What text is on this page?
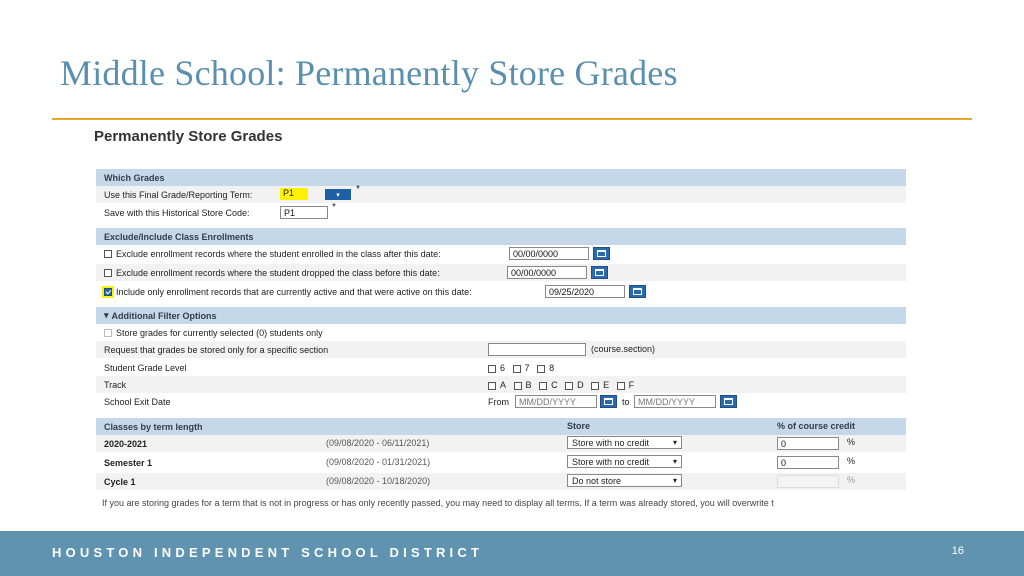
Middle School: Permanently Store Grades
Permanently Store Grades
Which Grades
Use this Final Grade/Reporting Term:	P1	▾ *
Save with this Historical Store Code:	P1	*
Exclude/Include Class Enrollments
Exclude enrollment records where the student enrolled in the class after this date:	00/00/0000
Exclude enrollment records where the student dropped the class before this date:	00/00/0000
Include only enrollment records that are currently active and that were active on this date:	09/25/2020
▾ Additional Filter Options
Store grades for currently selected (0) students only
Request that grades be stored only for a specific section	(course.section)
Student Grade Level	6 7 8
Track	A B C D E F
School Exit Date	From MM/DD/YYYY	to MM/DD/YYYY
Classes by term length	Store	% of course credit
2020-2021	(09/08/2020 - 06/11/2021)	Store with no credit	▾	0	%
Semester 1	(09/08/2020 - 01/31/2021)	Store with no credit	▾	0	%
Cycle 1	(09/08/2020 - 10/18/2020)	Do not store	▾	%
If you are storing grades for a term that is not in progress or has only recently passed, you may need to display all terms. If a term was already stored, you will overwrite t
HOUSTON INDEPENDENT SCHOOL DISTRICT	16
